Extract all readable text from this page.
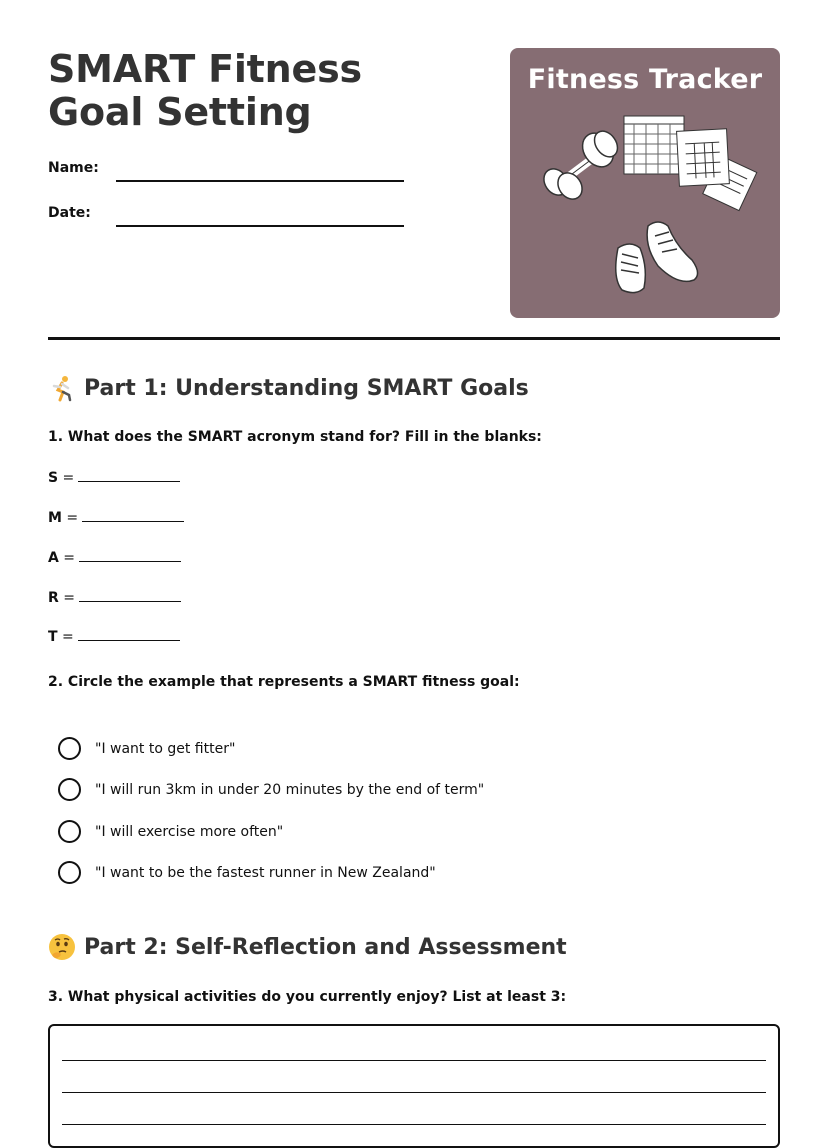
SMART Fitness Goal Setting
Name:
Date:
Fitness Tracker
Part 1: Understanding SMART Goals
1. What does the SMART acronym stand for? Fill in the blanks:
S =
M =
A =
R =
T =
2. Circle the example that represents a SMART fitness goal:
"I want to get fitter"
"I will run 3km in under 20 minutes by the end of term"
"I will exercise more often"
"I want to be the fastest runner in New Zealand"
Part 2: Self-Reflection and Assessment
3. What physical activities do you currently enjoy? List at least 3:
